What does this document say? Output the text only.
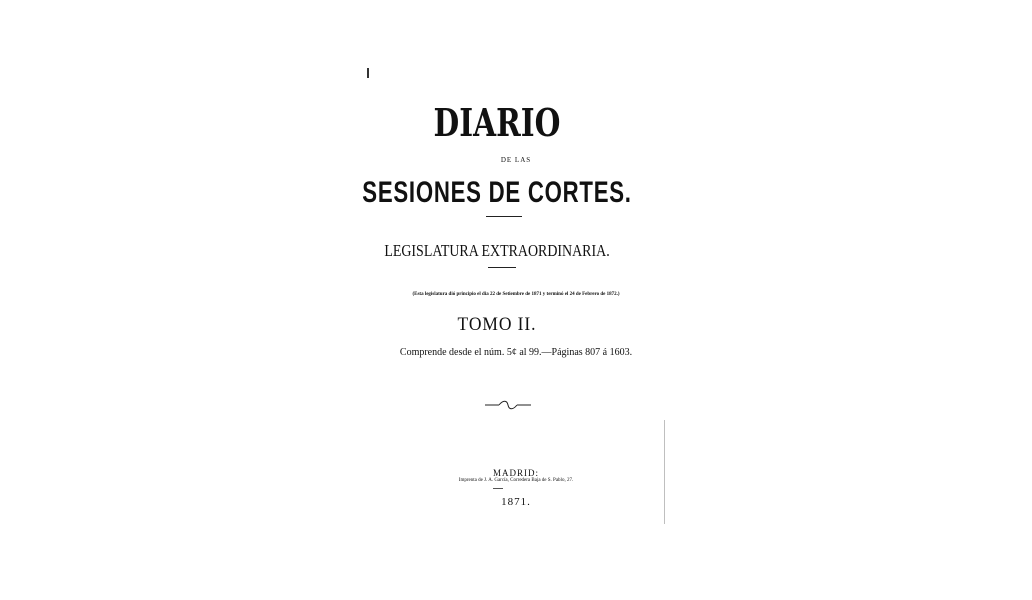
DIARIO
DE LAS
SESIONES DE CORTES.
LEGISLATURA EXTRAORDINARIA.
(Esta legislatura dió principio el dia 22 de Setiembre de 1871 y terminó el 24 de Febrero de 1872.)
TOMO II.
Comprende desde el núm. 5¢ al 99.—Páginas 807 á 1603.
MADRID:
Imprenta de J. A. García, Corredera Baja de S. Pablo, 27.
1871.
